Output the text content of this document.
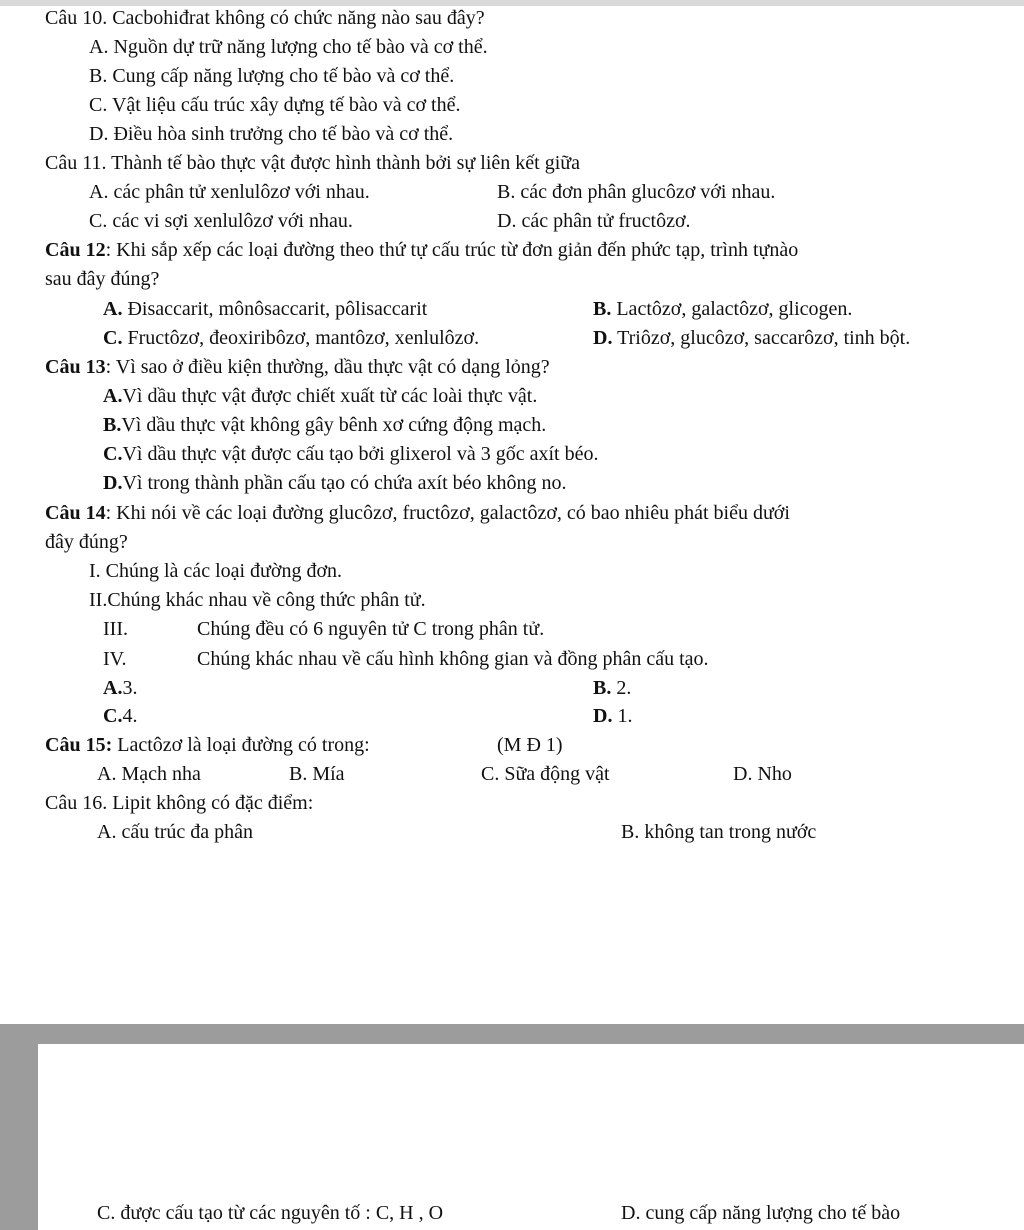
Câu 10. Cacbohiđrat không có chức năng nào sau đây?
A. Nguồn dự trữ năng lượng cho tế bào và cơ thể.
B. Cung cấp năng lượng cho tế bào và cơ thể.
C. Vật liệu cấu trúc xây dựng tế bào và cơ thể.
D. Điều hòa sinh trưởng cho tế bào và cơ thể.
Câu 11. Thành tế bào thực vật được hình thành bởi sự liên kết giữa
A. các phân tử xenlulôzơ với nhau.	B. các đơn phân glucôzơ với nhau.
C. các vi sợi xenlulôzơ với nhau.	D. các phân tử fructôzơ.
Câu 12: Khi sắp xếp các loại đường theo thứ tự cấu trúc từ đơn giản đến phức tạp, trình tựnào
sau đây đúng?
A. Đisaccarit, mônôsaccarit, pôlisaccarit	B. Lactôzơ, galactôzơ, glicogen.
C. Fructôzơ, đeoxiribôzơ, mantôzơ, xenlulôzơ.	D. Triôzơ, glucôzơ, saccarôzơ, tinh bột.
Câu 13: Vì sao ở điều kiện thường, dầu thực vật có dạng lỏng?
A.Vì dầu thực vật được chiết xuất từ các loài thực vật.
B.Vì dầu thực vật không gây bênh xơ cứng động mạch.
C.Vì dầu thực vật được cấu tạo bởi glixerol và 3 gốc axít béo.
D.Vì trong thành phần cấu tạo có chứa axít béo không no.
Câu 14: Khi nói về các loại đường glucôzơ, fructôzơ, galactôzơ, có bao nhiêu phát biểu dưới
đây đúng?
I. Chúng là các loại đường đơn.
II.Chúng khác nhau về công thức phân tử.
III.	Chúng đều có 6 nguyên tử C trong phân tử.
IV.	Chúng khác nhau về cấu hình không gian và đồng phân cấu tạo.
A.3.	B. 2.
C.4.	D. 1.
Câu 15: Lactôzơ là loại đường có trong:	(M Đ 1)
A. Mạch nha	B. Mía	C. Sữa động vật	D. Nho
Câu 16. Lipit không có đặc điểm:
A. cấu trúc đa phân	B. không tan trong nước
C. được cấu tạo từ các nguyên tố : C, H , O	D. cung cấp năng lượng cho tế bào
